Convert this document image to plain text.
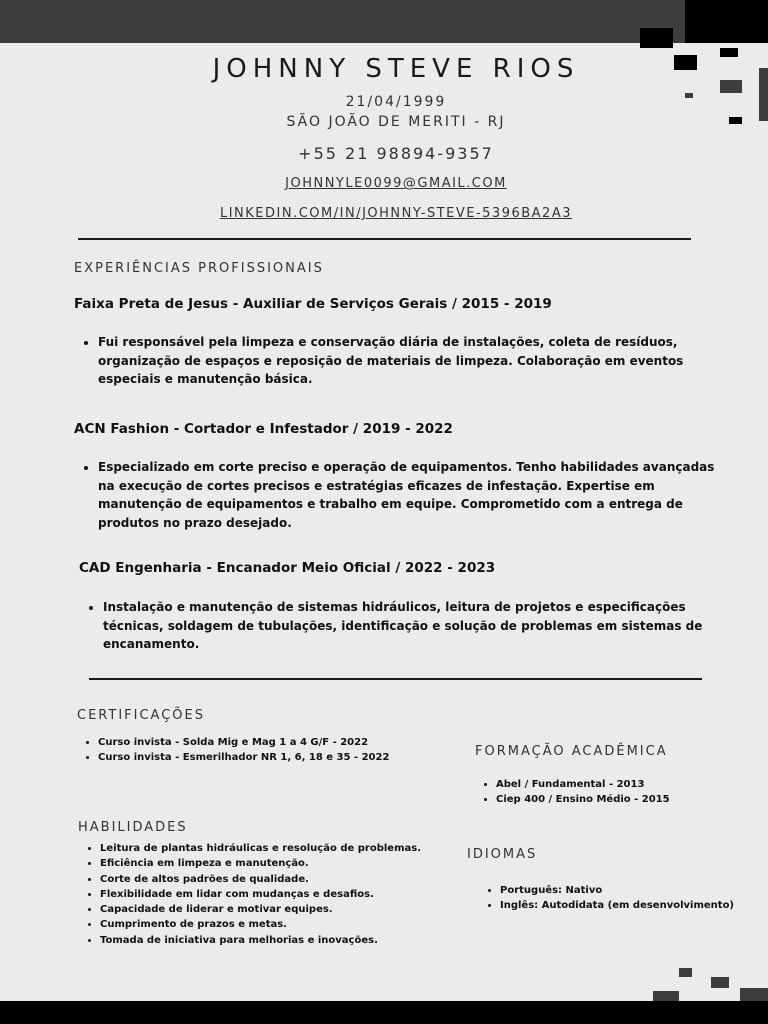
JOHNNY STEVE RIOS
21/04/1999
SÃO JOÃO DE MERITI - RJ
+55 21 98894-9357
JOHNNYLE0099@GMAIL.COM
LINKEDIN.COM/IN/JOHNNY-STEVE-5396BA2A3
EXPERIÊNCIAS PROFISSIONAIS
Faixa Preta de Jesus - Auxiliar de Serviços Gerais / 2015 - 2019
• Fui responsável pela limpeza e conservação diária de instalações, coleta de resíduos, organização de espaços e reposição de materiais de limpeza. Colaboração em eventos especiais e manutenção básica.
ACN Fashion - Cortador e Infestador / 2019 - 2022
• Especializado em corte preciso e operação de equipamentos. Tenho habilidades avançadas na execução de cortes precisos e estratégias eficazes de infestação. Expertise em manutenção de equipamentos e trabalho em equipe. Comprometido com a entrega de produtos no prazo desejado.
CAD Engenharia - Encanador Meio Oficial / 2022 - 2023
• Instalação e manutenção de sistemas hidráulicos, leitura de projetos e especificações técnicas, soldagem de tubulações, identificação e solução de problemas em sistemas de encanamento.
CERTIFICAÇÕES
• Curso invista - Solda Mig e Mag 1 a 4 G/F - 2022
• Curso invista - Esmerilhador NR 1, 6, 18 e 35 - 2022	FORMAÇÃO ACADÊMICA
• Abel / Fundamental - 2013
• Ciep 400 / Ensino Médio - 2015
HABILIDADES
• Leitura de plantas hidráulicas e resolução de problemas.
• Eficiência em limpeza e manutenção.
• Corte de altos padrões de qualidade.
• Flexibilidade em lidar com mudanças e desafios.
• Capacidade de liderar e motivar equipes.
• Cumprimento de prazos e metas.
• Tomada de iniciativa para melhorias e inovações.
IDIOMAS
• Português: Nativo
• Inglês: Autodidata (em desenvolvimento)
